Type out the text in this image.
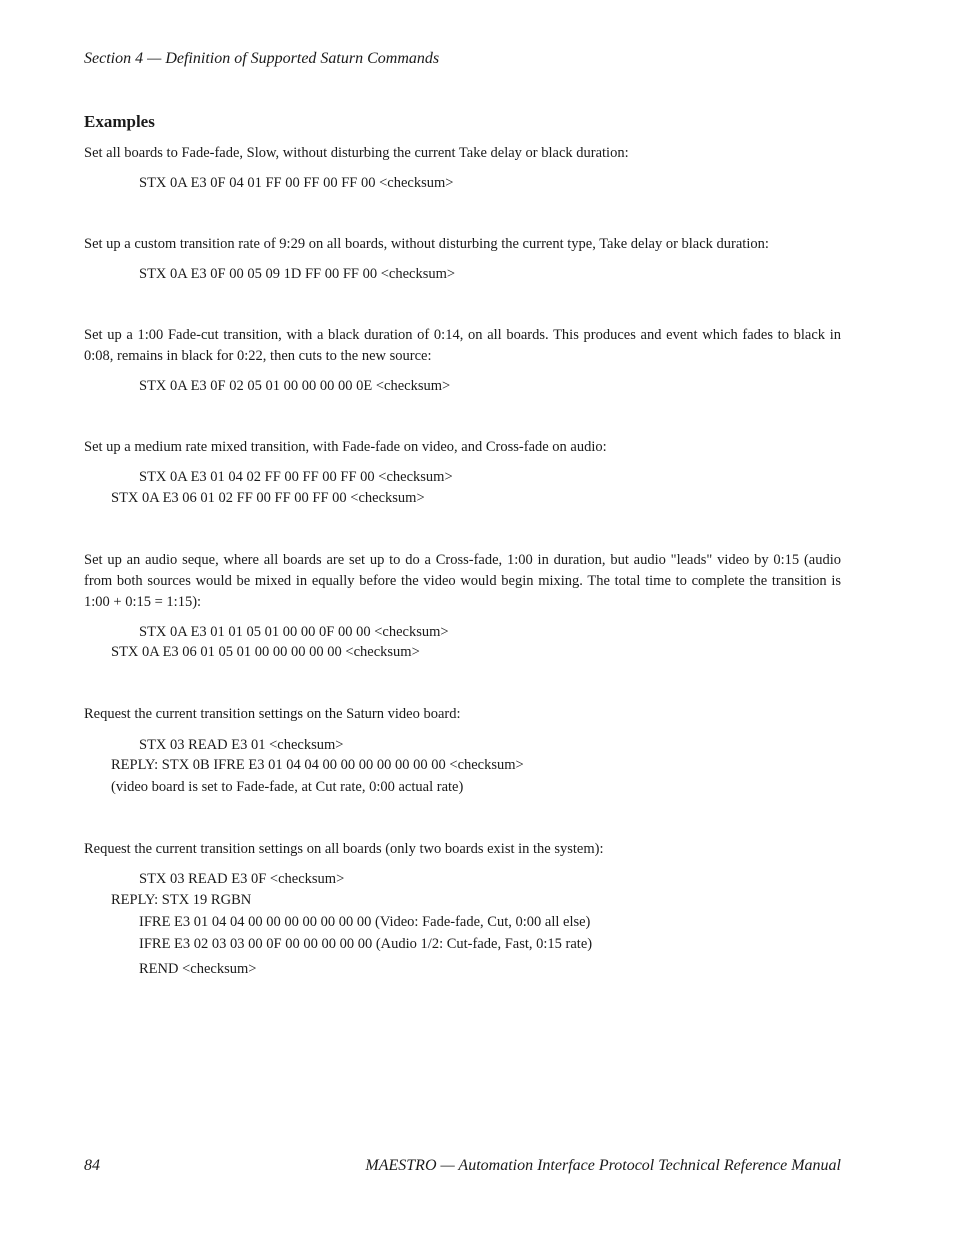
Section 4 — Definition of Supported Saturn Commands
Examples
Set all boards to Fade-fade, Slow, without disturbing the current Take delay or black duration:
STX 0A E3 0F 04 01 FF 00 FF 00 FF 00 <checksum>
Set up a custom transition rate of 9:29 on all boards, without disturbing the current type, Take delay or black duration:
STX 0A E3 0F 00 05 09 1D FF 00 FF 00 <checksum>
Set up a 1:00 Fade-cut transition, with a black duration of 0:14, on all boards. This produces and event which fades to black in 0:08, remains in black for 0:22, then cuts to the new source:
STX 0A E3 0F 02 05 01 00 00 00 00 0E <checksum>
Set up a medium rate mixed transition, with Fade-fade on video, and Cross-fade on audio:
STX 0A E3 01 04 02 FF 00 FF 00 FF 00 <checksum>
STX 0A E3 06 01 02 FF 00 FF 00 FF 00 <checksum>
Set up an audio seque, where all boards are set up to do a Cross-fade, 1:00 in duration, but audio "leads" video by 0:15 (audio from both sources would be mixed in equally before the video would begin mixing. The total time to complete the transition is 1:00 + 0:15 = 1:15):
STX 0A E3 01 01 05 01 00 00 0F 00 00 <checksum>
STX 0A E3 06 01 05 01 00 00 00 00 00 <checksum>
Request the current transition settings on the Saturn video board:
STX 03 READ E3 01 <checksum>
REPLY: STX 0B IFRE E3 01 04 04 00 00 00 00 00 00 00 <checksum>
(video board is set to Fade-fade, at Cut rate, 0:00 actual rate)
Request the current transition settings on all boards (only two boards exist in the system):
STX 03 READ E3 0F <checksum>
REPLY: STX 19 RGBN
IFRE E3 01 04 04 00 00 00 00 00 00 00 (Video: Fade-fade, Cut, 0:00 all else)
IFRE E3 02 03 03 00 0F 00 00 00 00 00 (Audio 1/2: Cut-fade, Fast, 0:15 rate)
REND <checksum>
84	MAESTRO — Automation Interface Protocol Technical Reference Manual
